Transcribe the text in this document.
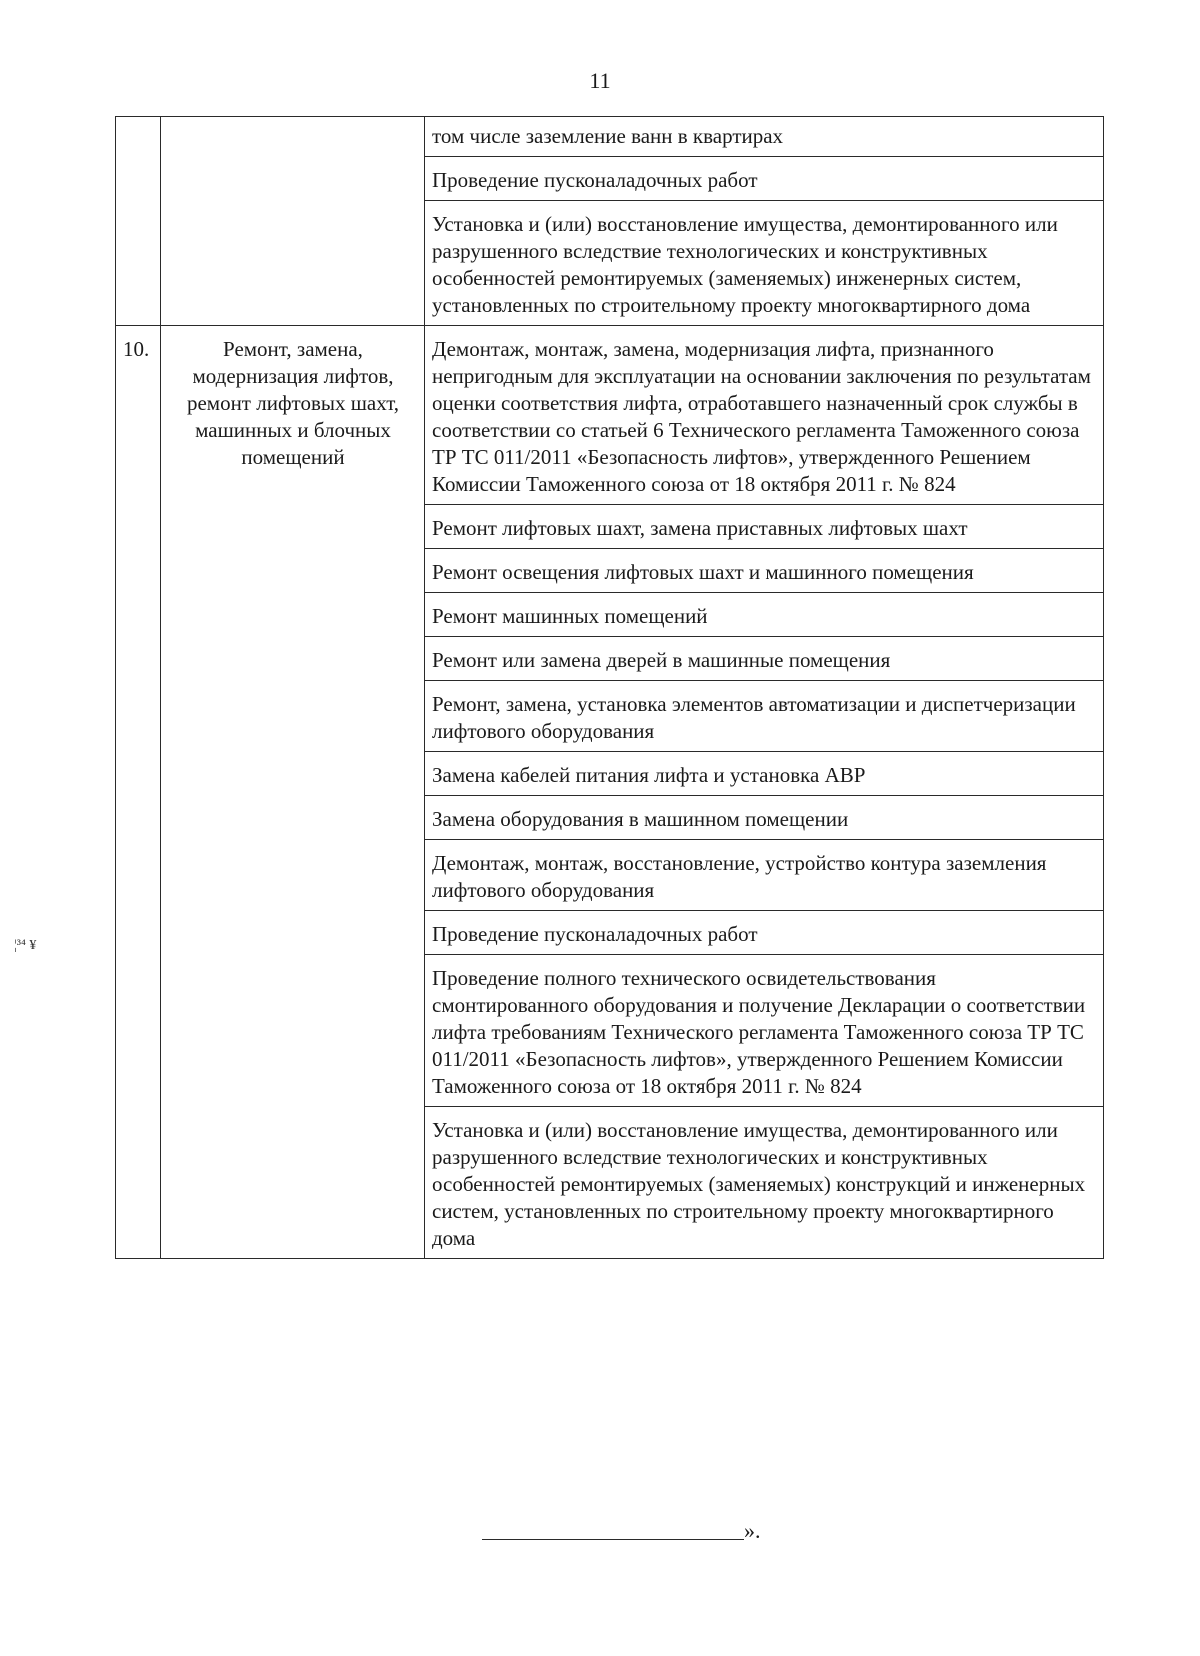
11
¦³⁴ ¥
		том числе заземление ванн в квартирах
		Проведение пусконаладочных работ
		Установка и (или) восстановление имущества, демонтированного или разрушенного вследствие технологических и конструктивных особенностей ремонтируемых (заменяемых) инженерных систем, установленных по строительному проекту многоквартирного дома
10.	Ремонт, замена, модернизация лифтов, ремонт лифтовых шахт, машинных и блочных помещений	Демонтаж, монтаж, замена, модернизация лифта, признанного непригодным для эксплуатации на основании заключения по результатам оценки соответствия лифта, отработавшего назначенный срок службы в соответствии со статьей 6 Технического регламента Таможенного союза ТР ТС 011/2011 «Безопасность лифтов», утвержденного Решением Комиссии Таможенного союза от 18 октября 2011 г. № 824
		Ремонт лифтовых шахт, замена приставных лифтовых шахт
		Ремонт освещения лифтовых шахт и машинного помещения
		Ремонт машинных помещений
		Ремонт или замена дверей в машинные помещения
		Ремонт, замена, установка элементов автоматизации и диспетчеризации лифтового оборудования
		Замена кабелей питания лифта и установка АВР
		Замена оборудования в машинном помещении
		Демонтаж, монтаж, восстановление, устройство контура заземления лифтового оборудования
		Проведение пусконаладочных работ
		Проведение полного технического освидетельствования смонтированного оборудования и получение Декларации о соответствии лифта требованиям Технического регламента Таможенного союза ТР ТС 011/2011 «Безопасность лифтов», утвержденного Решением Комиссии Таможенного союза от 18 октября 2011 г. № 824
		Установка и (или) восстановление имущества, демонтированного или разрушенного вследствие технологических и конструктивных особенностей ремонтируемых (заменяемых) конструкций и инженерных систем, установленных по строительному проекту многоквартирного дома
».
